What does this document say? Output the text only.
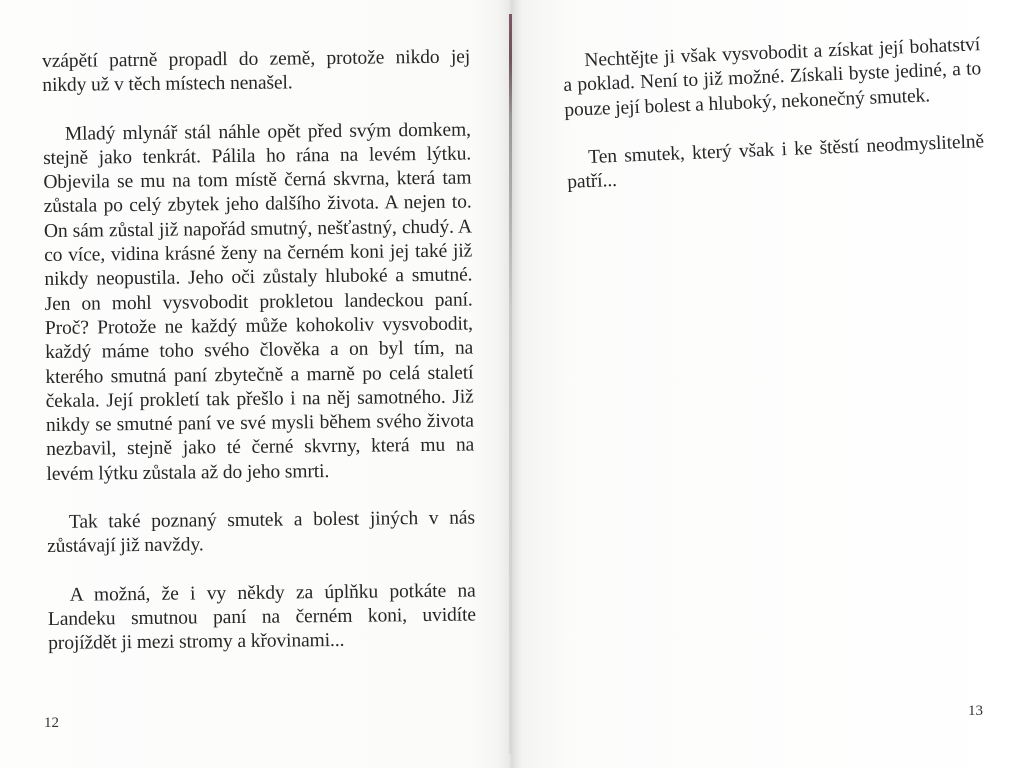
vzápětí patrně propadl do země, protože nikdo jej nikdy už v těch místech nenašel.

Mladý mlynář stál náhle opět před svým domkem, stejně jako tenkrát. Pálila ho rána na levém lýtku. Objevila se mu na tom místě černá skvrna, která tam zůstala po celý zbytek jeho dalšího života. A nejen to. On sám zůstal již napořád smutný, nešťastný, chudý. A co více, vidina krásné ženy na černém koni jej také již nikdy neopustila. Jeho oči zůstaly hluboké a smutné. Jen on mohl vysvobodit prokletou landeckou paní. Proč? Protože ne každý může kohokoliv vysvobodit, každý máme toho svého člověka a on byl tím, na kterého smutná paní zbytečně a marně po celá staletí čekala. Její prokletí tak přešlo i na něj samotného. Již nikdy se smutné paní ve své mysli během svého života nezbavil, stejně jako té černé skvrny, která mu na levém lýtku zůstala až do jeho smrti.

Tak také poznaný smutek a bolest jiných v nás zůstávají již navždy.

A možná, že i vy někdy za úplňku potkáte na Landeku smutnou paní na černém koni, uvidíte projíždět ji mezi stromy a křovinami...

12

Nechtějte ji však vysvobodit a získat její bohatství a poklad. Není to již možné. Získali byste jediné, a to pouze její bolest a hluboký, nekonečný smutek.

Ten smutek, který však i ke štěstí neodmyslitelně patří...

13
